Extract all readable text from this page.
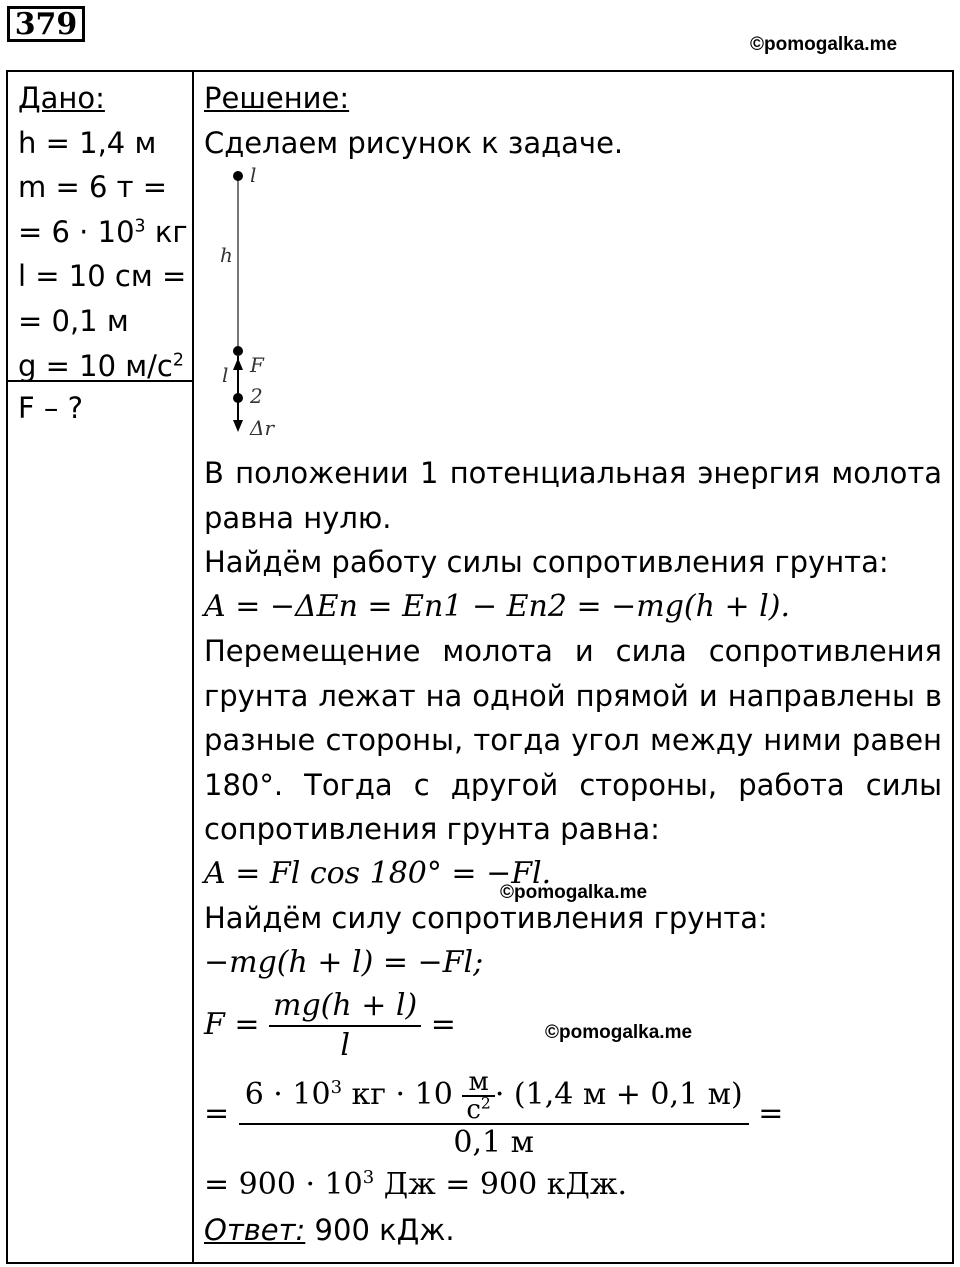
379
©pomogalka.me
©pomogalka.me
©pomogalka.me
Дано:
h = 1,4 м
m = 6 т =
= $6 \cdot 10^3$ кг
l = 10 см =
= 0,1 м
g = 10 $м/с^2$
F – ?
l
h
l F
2
Δr
Решение:
Сделаем рисунок к задаче.
В положении 1 потенциальная энергия молота равна нулю.
Найдём работу силы сопротивления грунта:
A = −ΔEп = Eп1 − Eп2 = −mg(h + l).
Перемещение молота и сила сопротивления грунта лежат на одной прямой и направлены в разные стороны, тогда угол между ними равен 180°. Тогда с другой стороны, работа силы сопротивления грунта равна:
A = Fl cos 180° = −Fl.
Найдём силу сопротивления грунта:
−mg(h + l) = −Fl;
$F = \frac{mg(h + l)}{l}$ =
= $\frac{6 \cdot 10^3 кг \cdot 10 \frac{м}{с^2} \cdot (1,4 м + 0,1 м)}{0,1 м}$ =
= $900 \cdot 10^3$ Дж = 900 кДж.
Ответ: 900 кДж.
